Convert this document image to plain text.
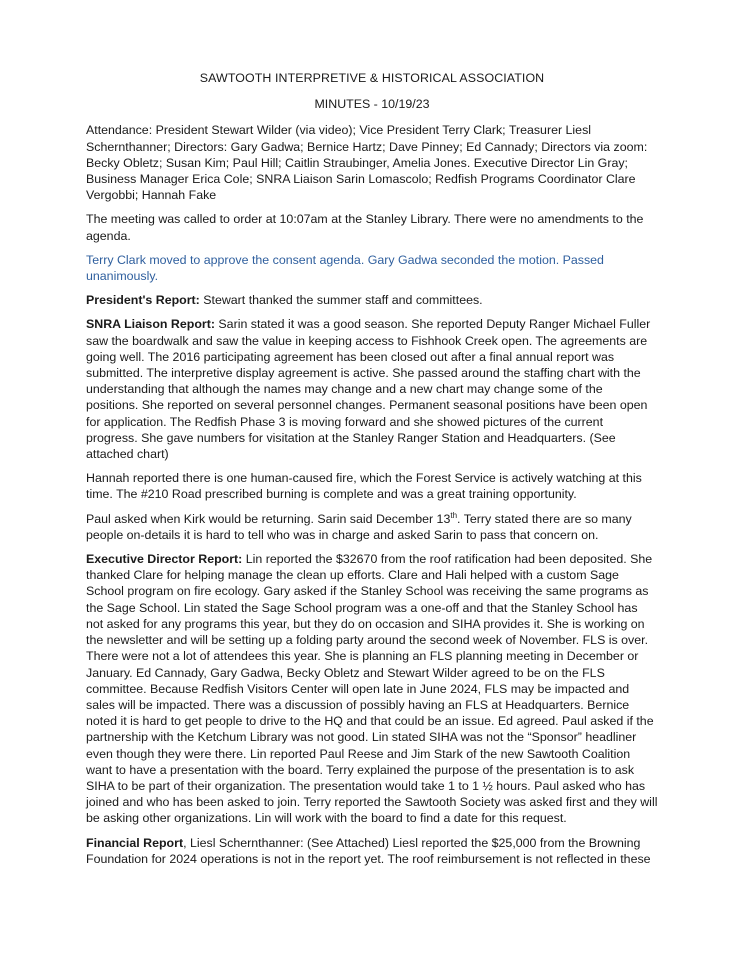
SAWTOOTH INTERPRETIVE & HISTORICAL ASSOCIATION
MINUTES - 10/19/23

Attendance: President Stewart Wilder (via video); Vice President Terry Clark; Treasurer Liesl Schernthanner; Directors: Gary Gadwa; Bernice Hartz; Dave Pinney; Ed Cannady; Directors via zoom: Becky Obletz; Susan Kim; Paul Hill; Caitlin Straubinger, Amelia Jones. Executive Director Lin Gray; Business Manager Erica Cole; SNRA Liaison Sarin Lomascolo; Redfish Programs Coordinator Clare Vergobbi; Hannah Fake

The meeting was called to order at 10:07am at the Stanley Library. There were no amendments to the agenda.

Terry Clark moved to approve the consent agenda. Gary Gadwa seconded the motion. Passed unanimously.

President's Report: Stewart thanked the summer staff and committees.

SNRA Liaison Report: Sarin stated it was a good season. She reported Deputy Ranger Michael Fuller saw the boardwalk and saw the value in keeping access to Fishhook Creek open. The agreements are going well. The 2016 participating agreement has been closed out after a final annual report was submitted. The interpretive display agreement is active. She passed around the staffing chart with the understanding that although the names may change and a new chart may change some of the positions. She reported on several personnel changes. Permanent seasonal positions have been open for application. The Redfish Phase 3 is moving forward and she showed pictures of the current progress. She gave numbers for visitation at the Stanley Ranger Station and Headquarters. (See attached chart)

Hannah reported there is one human-caused fire, which the Forest Service is actively watching at this time. The #210 Road prescribed burning is complete and was a great training opportunity.

Paul asked when Kirk would be returning. Sarin said December 13th. Terry stated there are so many people on-details it is hard to tell who was in charge and asked Sarin to pass that concern on.

Executive Director Report: Lin reported the $32670 from the roof ratification had been deposited. She thanked Clare for helping manage the clean up efforts. Clare and Hali helped with a custom Sage School program on fire ecology. Gary asked if the Stanley School was receiving the same programs as the Sage School. Lin stated the Sage School program was a one-off and that the Stanley School has not asked for any programs this year, but they do on occasion and SIHA provides it. She is working on the newsletter and will be setting up a folding party around the second week of November. FLS is over. There were not a lot of attendees this year. She is planning an FLS planning meeting in December or January. Ed Cannady, Gary Gadwa, Becky Obletz and Stewart Wilder agreed to be on the FLS committee. Because Redfish Visitors Center will open late in June 2024, FLS may be impacted and sales will be impacted. There was a discussion of possibly having an FLS at Headquarters. Bernice noted it is hard to get people to drive to the HQ and that could be an issue. Ed agreed. Paul asked if the partnership with the Ketchum Library was not good. Lin stated SIHA was not the “Sponsor” headliner even though they were there. Lin reported Paul Reese and Jim Stark of the new Sawtooth Coalition want to have a presentation with the board. Terry explained the purpose of the presentation is to ask SIHA to be part of their organization. The presentation would take 1 to 1 ½ hours. Paul asked who has joined and who has been asked to join. Terry reported the Sawtooth Society was asked first and they will be asking other organizations. Lin will work with the board to find a date for this request.

Financial Report, Liesl Schernthanner: (See Attached) Liesl reported the $25,000 from the Browning Foundation for 2024 operations is not in the report yet. The roof reimbursement is not reflected in these
